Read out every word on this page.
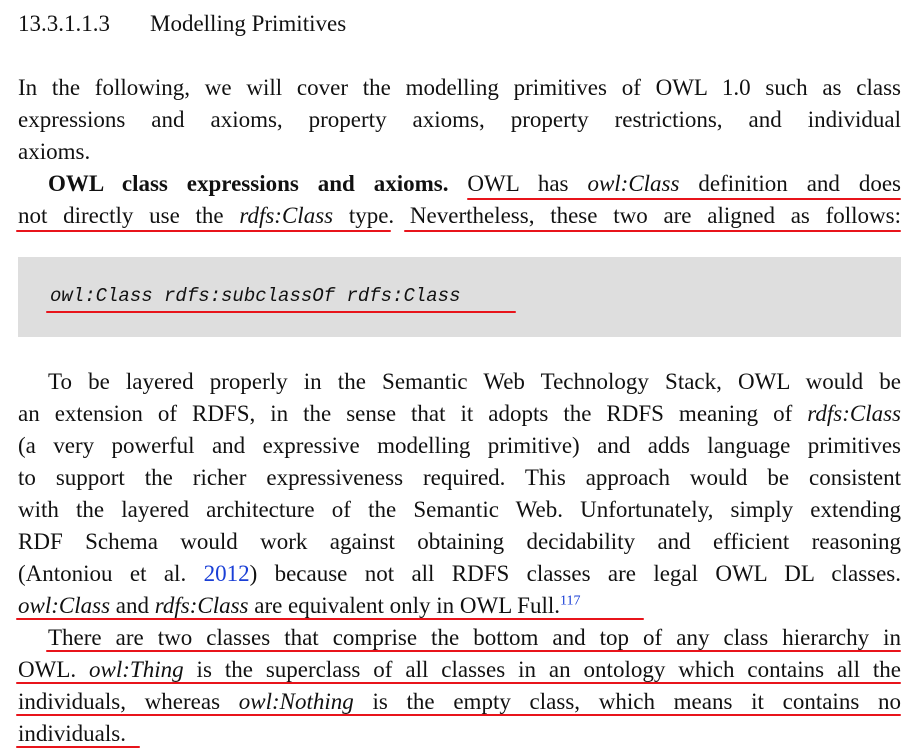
13.3.1.1.3 Modelling Primitives
In the following, we will cover the modelling primitives of OWL 1.0 such as class
expressions and axioms, property axioms, property restrictions, and individual
axioms.
OWL class expressions and axioms. OWL has owl:Class definition and does
not directly use the rdfs:Class type. Nevertheless, these two are aligned as follows:
owl:Class rdfs:subclassOf rdfs:Class
To be layered properly in the Semantic Web Technology Stack, OWL would be
an extension of RDFS, in the sense that it adopts the RDFS meaning of rdfs:Class
(a very powerful and expressive modelling primitive) and adds language primitives
to support the richer expressiveness required. This approach would be consistent
with the layered architecture of the Semantic Web. Unfortunately, simply extending
RDF Schema would work against obtaining decidability and efficient reasoning
(Antoniou et al. 2012) because not all RDFS classes are legal OWL DL classes.
owl:Class and rdfs:Class are equivalent only in OWL Full.$^{117}$
There are two classes that comprise the bottom and top of any class hierarchy in
OWL. owl:Thing is the superclass of all classes in an ontology which contains all the
individuals, whereas owl:Nothing is the empty class, which means it contains no
individuals.
